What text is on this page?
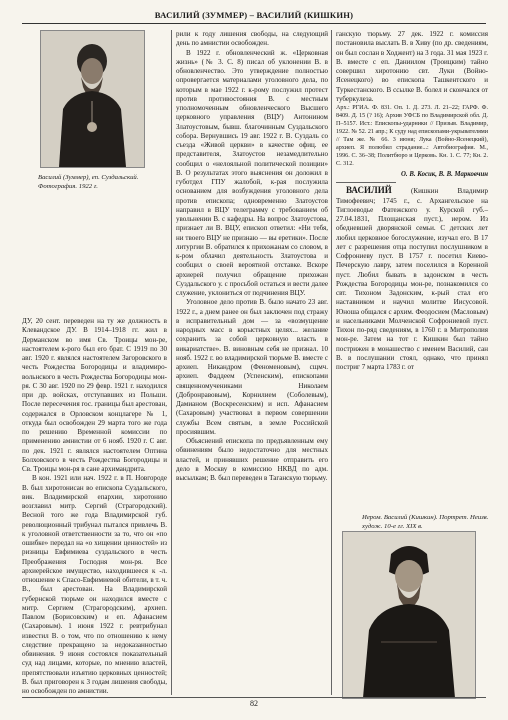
ВАСИЛИЙ (ЗУММЕР) – ВАСИЛИЙ (КИШКИН)
Василий (Зуммер), еп. Суздальский. Фотография. 1922 г.

ДУ, 20 сент. переведен на ту же должность в Клевандское ДУ. В 1914–1918 гг. жил в Дерманском во имя Св. Троицы мон-ре, настоятелем к-рого был его брат. С 1919 по 30 авг. 1920 г. являлся настоятелем Загоровского в честь Рождества Богородицы и владимиро-вольнского в честь Рождества Богородицы мон-ря. С 30 авг. 1920 по 29 февр. 1921 г. находился при др. войсках, отступавших из Польши. После пересечения гос. границы был арестован, содержался в Орловском концлагере № 1, откуда был освобожден 29 марта того же года по решению Временной комиссии по применению амнистии от 6 нояб. 1920 г. С авг. по дек. 1921 г. являлся настоятелем Оптина Болховского в честь Рождества Богородицы и Св. Троицы мон-ря в сане архимандрита.

В кон. 1921 или нач. 1922 г. в П. Новгороде В. был хиротонисан во епископа Суздальского, вик. Владимирской епархии, хиротонию возглавил митр. Сергий (Страгородский). Весной того же года Владимирской губ. революционный трибунал пытался привлечь В. к уголовной ответственности за то, что он «по ошибке» передал на «о хищении ценностей» из ризницы Евфимиева суздальского в честь Преображения Господня мон-ря. Все архиерейское имущество, находившееся к -л. отношение к Спасо-Евфимиевой обители, в т. ч. В., был арестован. На Владимирской губернской тюрьме он находился вместе с митр. Сергием (Страгородским), архиеп. Павлом (Борисовским) и еп. Афанасием (Сахаровым). 1 июня 1922 г. ревтрибунал известил В. о том, что по отношению к нему следствие прекращено за недоказанностью обвинения. 9 июня состоялся показательный суд над лицами, которые, по мнению властей, препятствовали изъятию церковных ценностей; В. был приговорен к 3 годам лишения свободы, но освобожден по амнистии.

рили к году лишения свободы, на следующий день по амнистии освобожден.

В 1922 г. обновленческий ж. «Церковная жизнь» (№ 3. С. 8) писал об уклонении В. в обновленчество. Это утверждение полностью опровергается материалами уголовного дела, по которым в мае 1922 г. к-рому послужил протест против противостояния В. с местным уполномоченным обновленческого Высшего церковного управления (ВЦУ) Антонином Златоустовым, бывш. благочинным Суздальского собора. Вернувшись 19 авг. 1922 г. В. Суздаль со съезда «Живой церкви» в качестве офиц. ее представителя, Златоустов незамедлительно сообщил о «нелояльной политической позиции» В. О результатах этого выяснения он доложил в губотдел ГПУ жалобой, к-рая послужила основанием для возбуждения уголовного дела против епископа; одновременно Златоустов направил в ВЦУ телеграмму с требованием об увольнении В. с кафедры. На вопрос Златоустова, признает ли В. ВЦУ, епископ ответил: «Ни тебя, ни твоего ВЦУ не признаю — вы еретики». После литургии В. обратился к прихожанам со словом, в к-ром облачил деятельность Златоустова и сообщил о своей вероятной отставке. Вскоре архиерей получил обращение прихожан Суздальского у. с просьбой остаться и вести далее служение, уклониться от подчинения ВЦУ.

Уголовное дело против В. было начато 23 авг. 1922 г., а днем ранее он был заключен под стражу в исправительный дом — за «возмущение народных масс в корыстных целях... желание сохранить за собой церковную власть в викариатстве». В. виновным себя не признал. 10 нояб. 1922 г. во владимирской тюрьме В. вместе с архиеп. Никандром (Феноменовым), сщмч. архиеп. Фаддеем (Успенским), епископами священномучениками Николаем (Добронравовым), Корнилием (Соболевым), Дамианом (Воскресенским) и исп. Афанасием (Сахаровым) участвовал в первом совершении службы Всем святым, в земле Российской просиявшим.

Объяснений епископа по предъявленным ему обвинениям было недостаточно для местных властей, и принявших решение отправить его дело в Москву в комиссию НКВД по адм. высылкам; В. был переведен в Таганскую тюрьму.

ганскую тюрьму. 27 дек. 1922 г. комиссия постановила выслать В. в Хиву (по др. сведениям, он был сослан в Ходжент) на 3 года. 31 мая 1923 г. В. вместе с еп. Даниилом (Троицким) тайно совершил хиротонию свт. Луки (Войно-Ясенецкого) во епископа Ташкентского и Туркестанского. В ссылке В. болел и скончался от туберкулеза.

Арх.: РГИА. Ф. 831. Оп. 1. Д. 273. Л. 21–22; ГАРФ. Ф. 8409. Д. 15 (? 16); Архив УФСБ по Владимирской обл. Д. П–5157. Ист.: Епископы-ударники // Призыв. Владимир, 1922. № 52. 21 апр.; К суду над епископами-укрывателями // Там же. № 66. 3 июня; Лука (Войно-Ясенецкий), архиеп. Я полюбил страдание...: Автобиография. М., 1996. С. 36–38; Политбюро и Церковь. Кн. 1. С. 77; Кн. 2. С. 312.
О. В. Косик, В. В. Марковчин

ВАСИЛИЙ	(Кишкин Владимир Тимофеевич; 1745 г., с. Архангельское на Тиглоеводье Фатежского у. Курской губ.– 27.04.1831, Площанская пуст.), иером. Из обедневшей дворянской семьи. С детских лет любил церковное богослужение, изучал его. В 17 лет с разрешения отца поступил послушником в Софрониеву пуст. В 1757 г. посетил Киево-Печерскую лавру, затем поселился в Коренной пуст. Любил бывать в задонском в честь Рождества Богородицы мон-ре, познакомился со свт. Тихоном Задонским, к-рый стал его наставником и научил молитве Иисусовой. Юноша общался с архим. Феодосием (Масловым) и насельниками Молченской Софрониевой пуст. Тихон по-ряд сведениям, в 1760 г. в Митрополия мон-ре. Затем на тот г. Кишкин был тайно пострижен в монашество с именем Василий, сан В. в послушании стоял, однако, что принял постриг 7 марта 1783 г. от

Иером. Василий (Кишкин). Портрет. Неизв. худож. 10-е гг. XIX в.
82
